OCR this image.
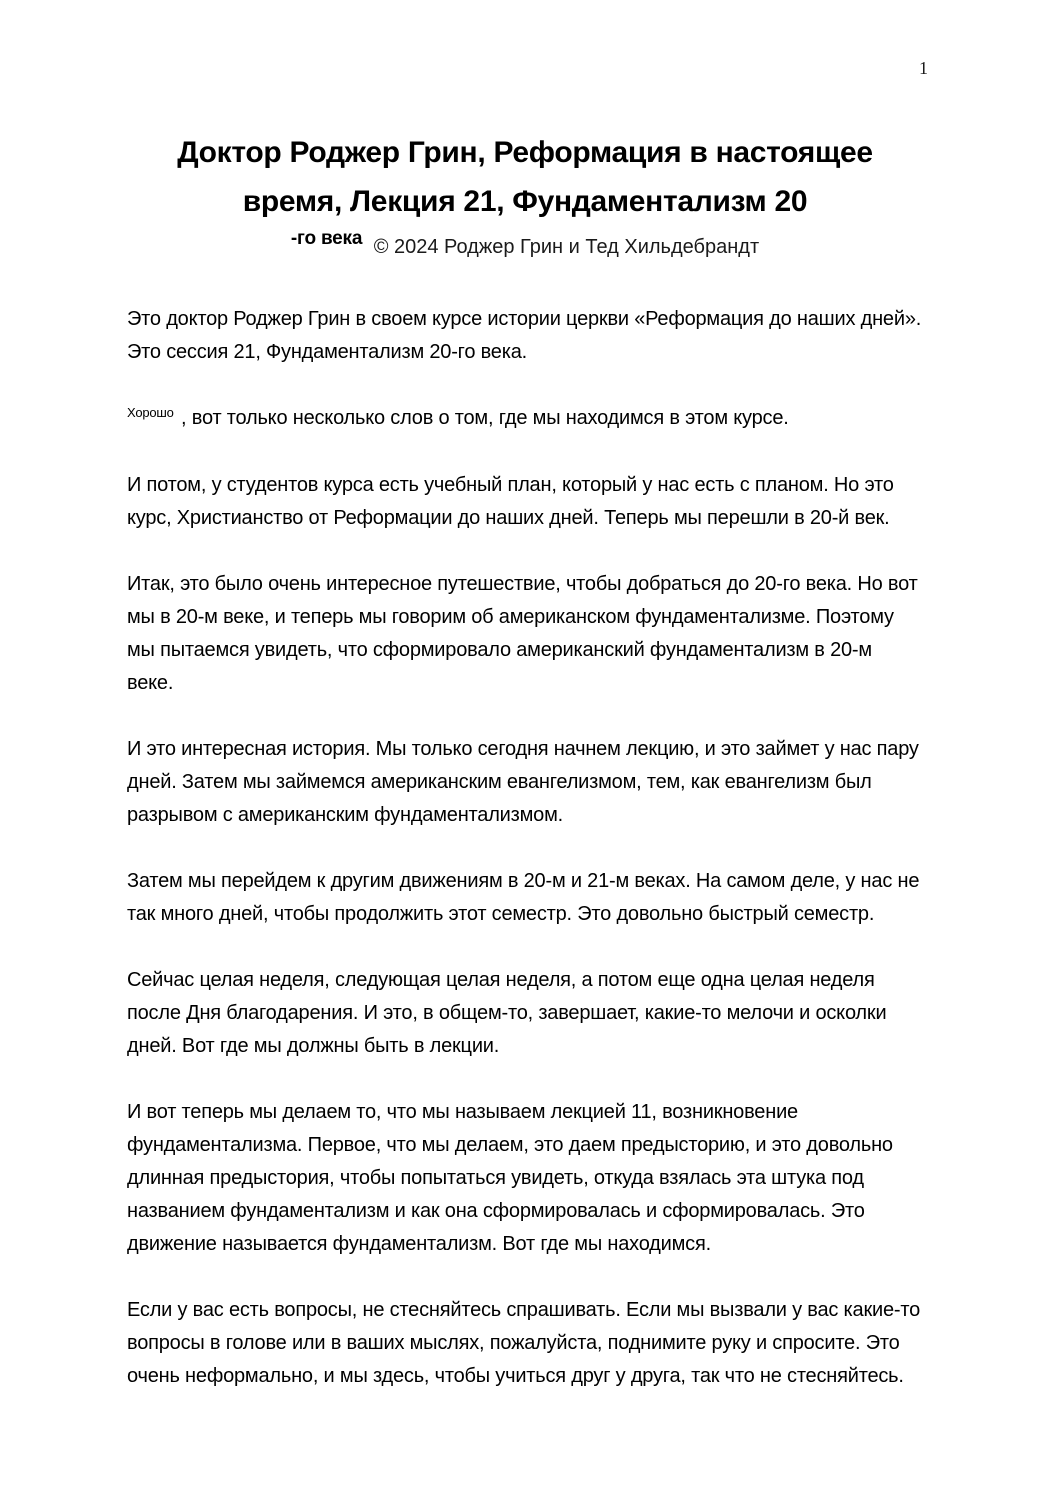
1
Доктор Роджер Грин, Реформация в настоящее
время, Лекция 21, Фундаментализм 20
-го века © 2024 Роджер Грин и Тед Хильдебрандт

Это доктор Роджер Грин в своем курсе истории церкви «Реформация до наших дней». Это сессия 21, Фундаментализм 20-го века.

$^{Хорошо}$ , вот только несколько слов о том, где мы находимся в этом курсе.

И потом, у студентов курса есть учебный план, который у нас есть с планом. Но это курс, Христианство от Реформации до наших дней. Теперь мы перешли в 20-й век.

Итак, это было очень интересное путешествие, чтобы добраться до 20-го века. Но вот мы в 20-м веке, и теперь мы говорим об американском фундаментализме. Поэтому мы пытаемся увидеть, что сформировало американский фундаментализм в 20-м веке.

И это интересная история. Мы только сегодня начнем лекцию, и это займет у нас пару дней. Затем мы займемся американским евангелизмом, тем, как евангелизм был разрывом с американским фундаментализмом.

Затем мы перейдем к другим движениям в 20-м и 21-м веках. На самом деле, у нас не так много дней, чтобы продолжить этот семестр. Это довольно быстрый семестр.

Сейчас целая неделя, следующая целая неделя, а потом еще одна целая неделя после Дня благодарения. И это, в общем-то, завершает, какие-то мелочи и осколки дней. Вот где мы должны быть в лекции.

И вот теперь мы делаем то, что мы называем лекцией 11, возникновение фундаментализма. Первое, что мы делаем, это даем предысторию, и это довольно длинная предыстория, чтобы попытаться увидеть, откуда взялась эта штука под названием фундаментализм и как она сформировалась и сформировалась. Это движение называется фундаментализм. Вот где мы находимся.

Если у вас есть вопросы, не стесняйтесь спрашивать. Если мы вызвали у вас какие-то вопросы в голове или в ваших мыслях, пожалуйста, поднимите руку и спросите. Это очень неформально, и мы здесь, чтобы учиться друг у друга, так что не стесняйтесь.
